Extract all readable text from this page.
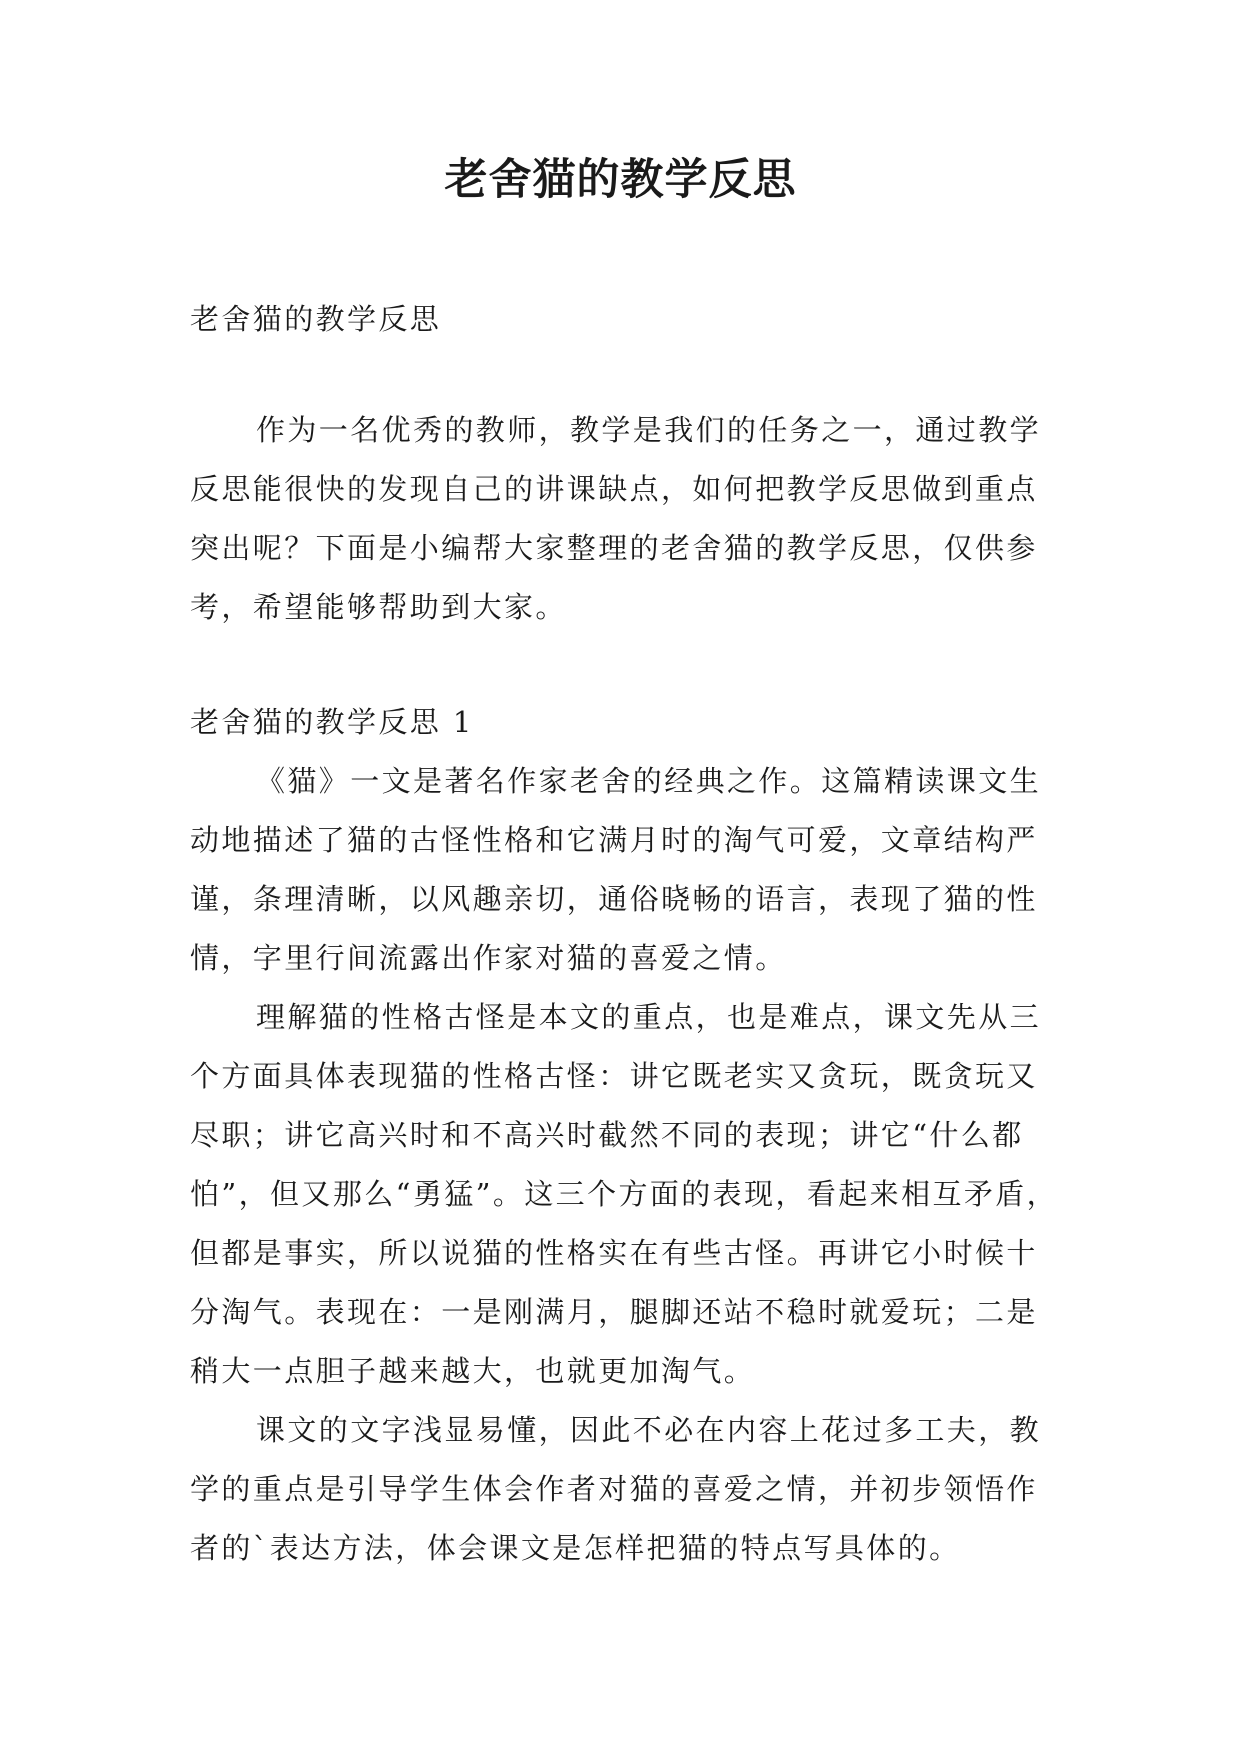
老舍猫的教学反思

老舍猫的教学反思

作为一名优秀的教师，教学是我们的任务之一，通过教学反思能很快的发现自己的讲课缺点，如何把教学反思做到重点突出呢？下面是小编帮大家整理的老舍猫的教学反思，仅供参考，希望能够帮助到大家。

老舍猫的教学反思 1

《猫》一文是著名作家老舍的经典之作。这篇精读课文生动地描述了猫的古怪性格和它满月时的淘气可爱，文章结构严谨，条理清晰，以风趣亲切，通俗晓畅的语言，表现了猫的性情，字里行间流露出作家对猫的喜爱之情。

理解猫的性格古怪是本文的重点，也是难点，课文先从三个方面具体表现猫的性格古怪：讲它既老实又贪玩，既贪玩又尽职；讲它高兴时和不高兴时截然不同的表现；讲它“什么都怕”，但又那么“勇猛”。这三个方面的表现，看起来相互矛盾，但都是事实，所以说猫的性格实在有些古怪。再讲它小时候十分淘气。表现在：一是刚满月，腿脚还站不稳时就爱玩；二是稍大一点胆子越来越大，也就更加淘气。

课文的文字浅显易懂，因此不必在内容上花过多工夫，教学的重点是引导学生体会作者对猫的喜爱之情，并初步领悟作者的`表达方法，体会课文是怎样把猫的特点写具体的。
